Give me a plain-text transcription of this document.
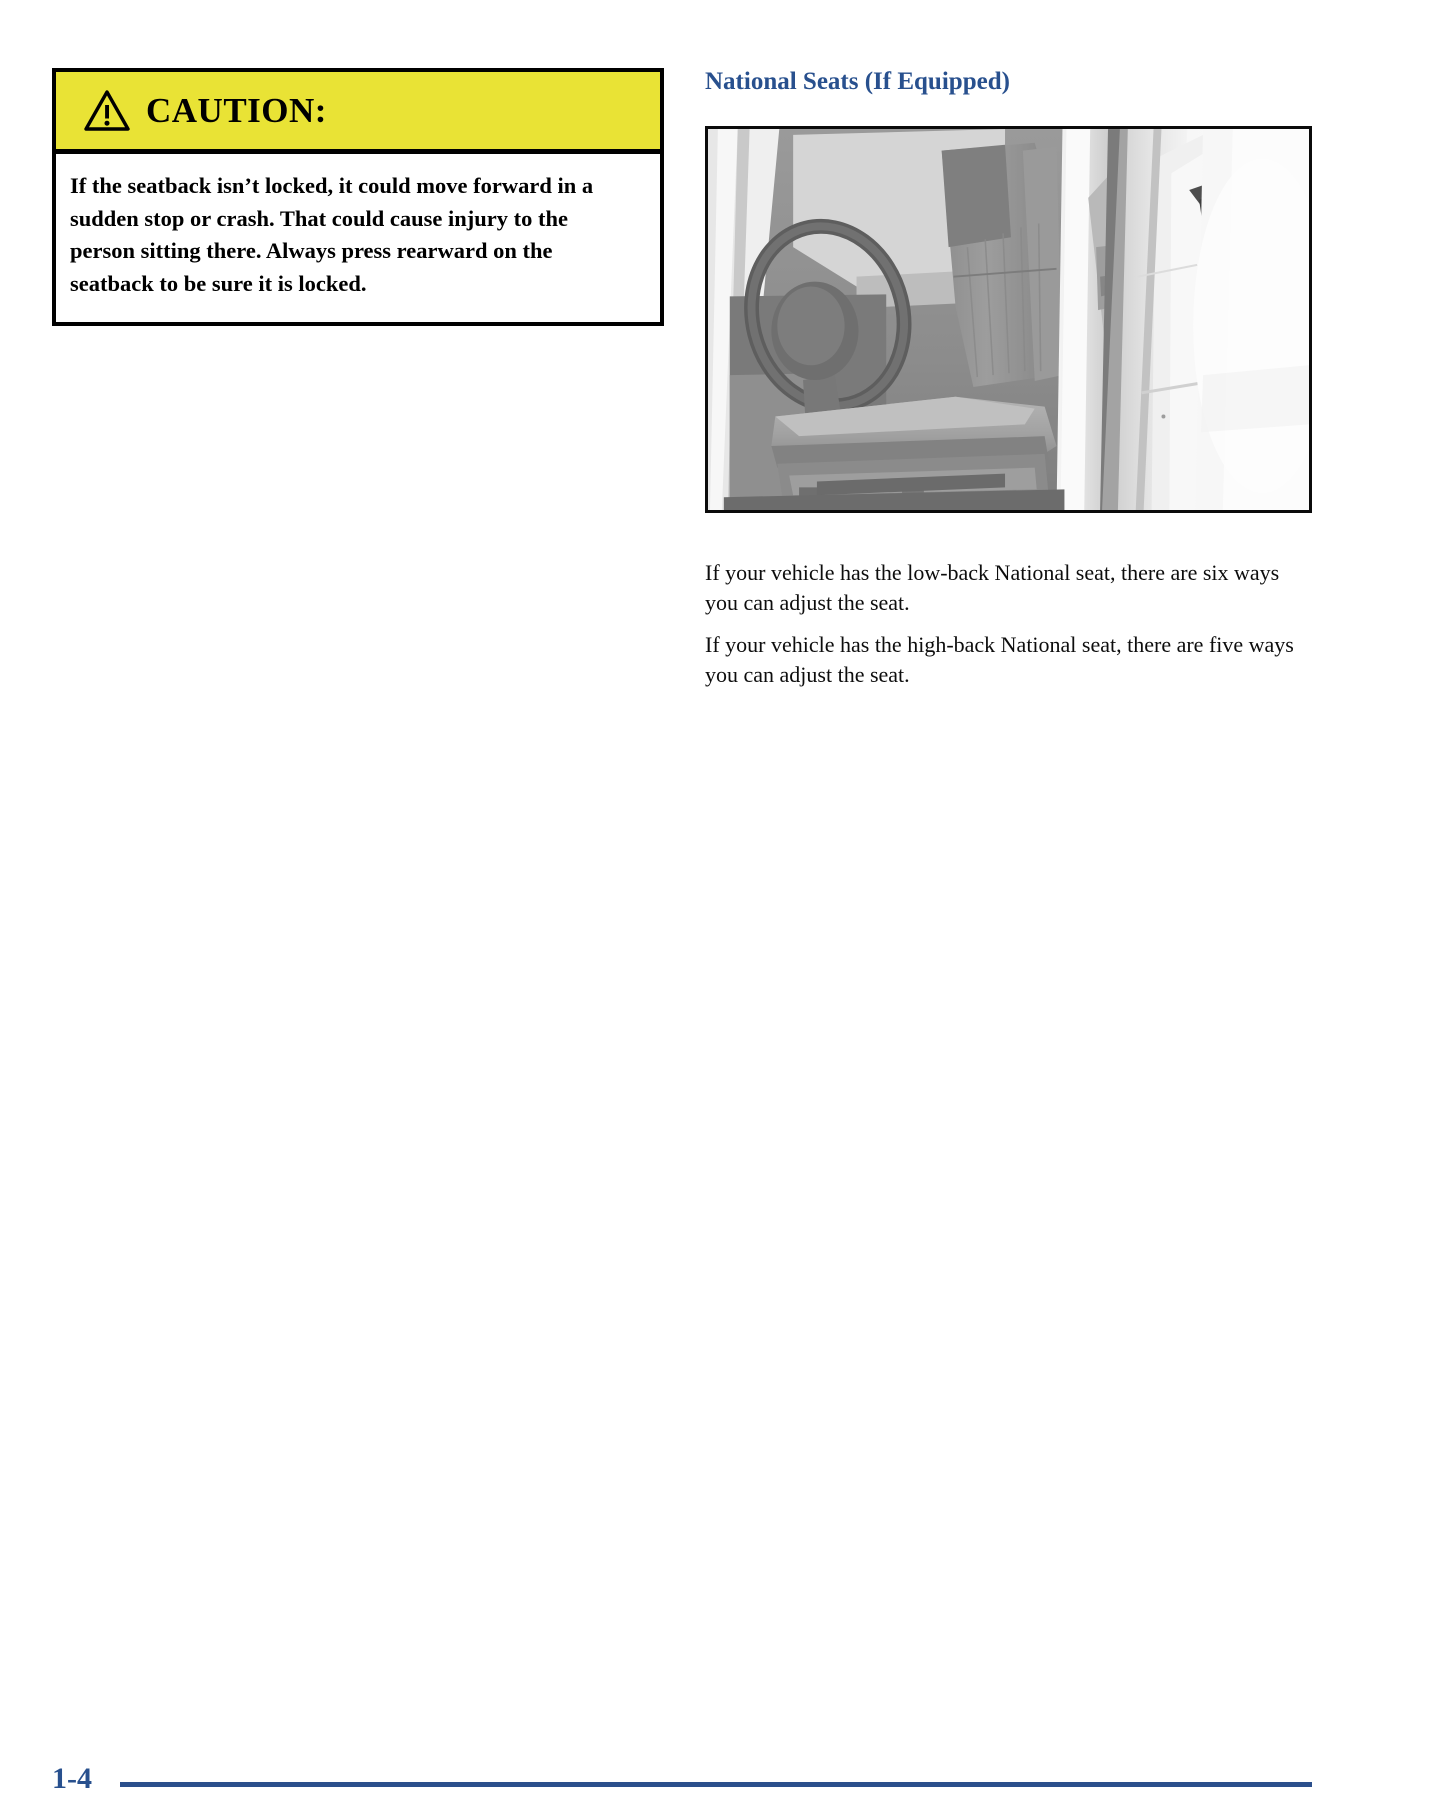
CAUTION:

If the seatback isn’t locked, it could move forward in a sudden stop or crash. That could cause injury to the person sitting there. Always press rearward on the seatback to be sure it is locked.

National Seats (If Equipped)

If your vehicle has the low-back National seat, there are six ways you can adjust the seat.

If your vehicle has the high-back National seat, there are five ways you can adjust the seat.

1-4
